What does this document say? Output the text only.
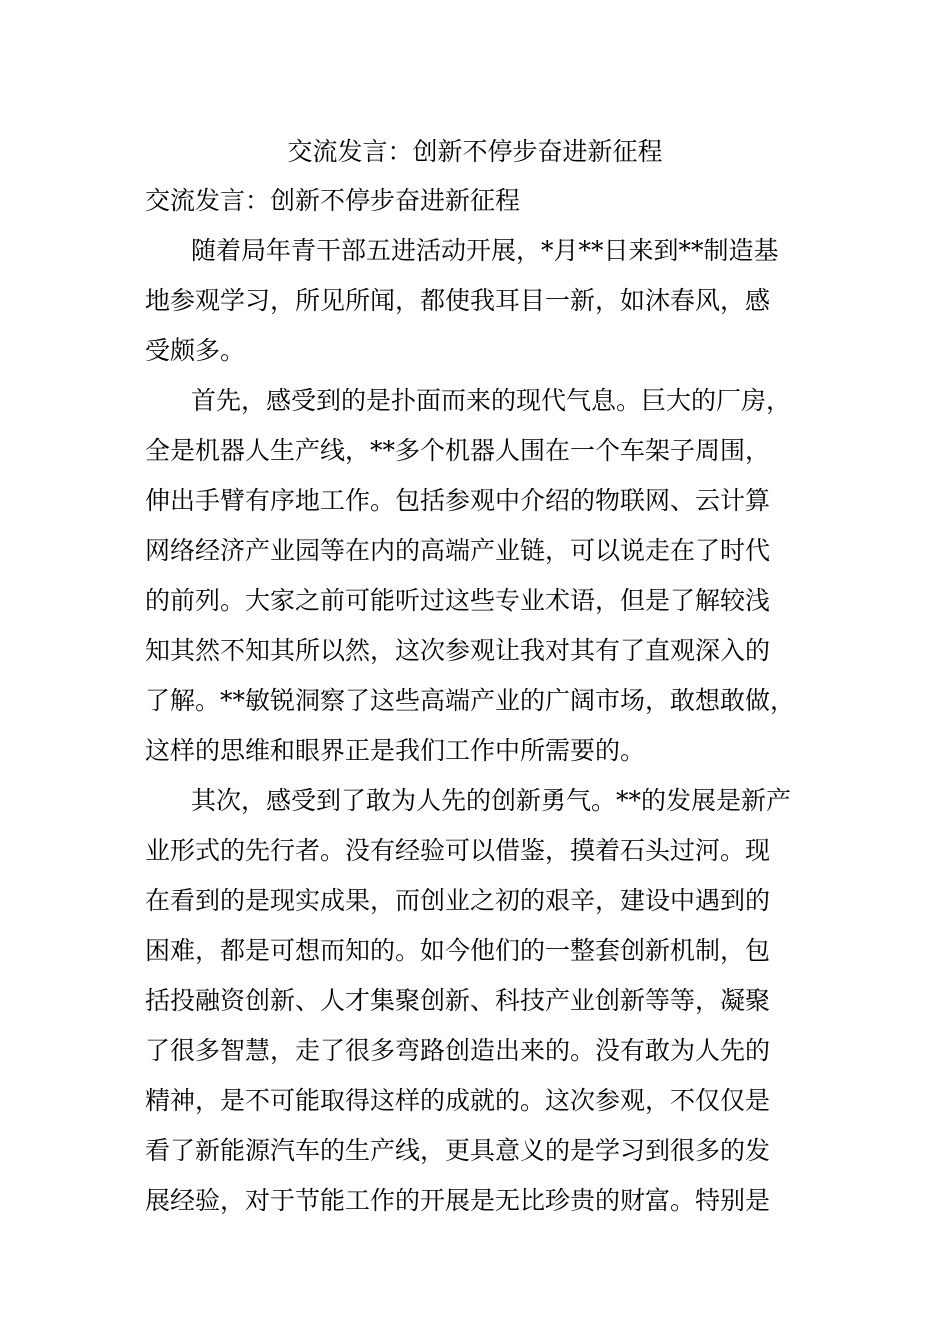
交流发言：创新不停步奋进新征程
交流发言：创新不停步奋进新征程
随着局年青干部五进活动开展，*月**日来到**制造基
地参观学习，所见所闻，都使我耳目一新，如沐春风，感
受颇多。
首先，感受到的是扑面而来的现代气息。巨大的厂房，
全是机器人生产线，**多个机器人围在一个车架子周围，
伸出手臂有序地工作。包括参观中介绍的物联网、云计算
网络经济产业园等在内的高端产业链，可以说走在了时代
的前列。大家之前可能听过这些专业术语，但是了解较浅
知其然不知其所以然，这次参观让我对其有了直观深入的
了解。**敏锐洞察了这些高端产业的广阔市场，敢想敢做，
这样的思维和眼界正是我们工作中所需要的。
其次，感受到了敢为人先的创新勇气。**的发展是新产
业形式的先行者。没有经验可以借鉴，摸着石头过河。现
在看到的是现实成果，而创业之初的艰辛，建设中遇到的
困难，都是可想而知的。如今他们的一整套创新机制，包
括投融资创新、人才集聚创新、科技产业创新等等，凝聚
了很多智慧，走了很多弯路创造出来的。没有敢为人先的
精神，是不可能取得这样的成就的。这次参观，不仅仅是
看了新能源汽车的生产线，更具意义的是学习到很多的发
展经验，对于节能工作的开展是无比珍贵的财富。特别是
